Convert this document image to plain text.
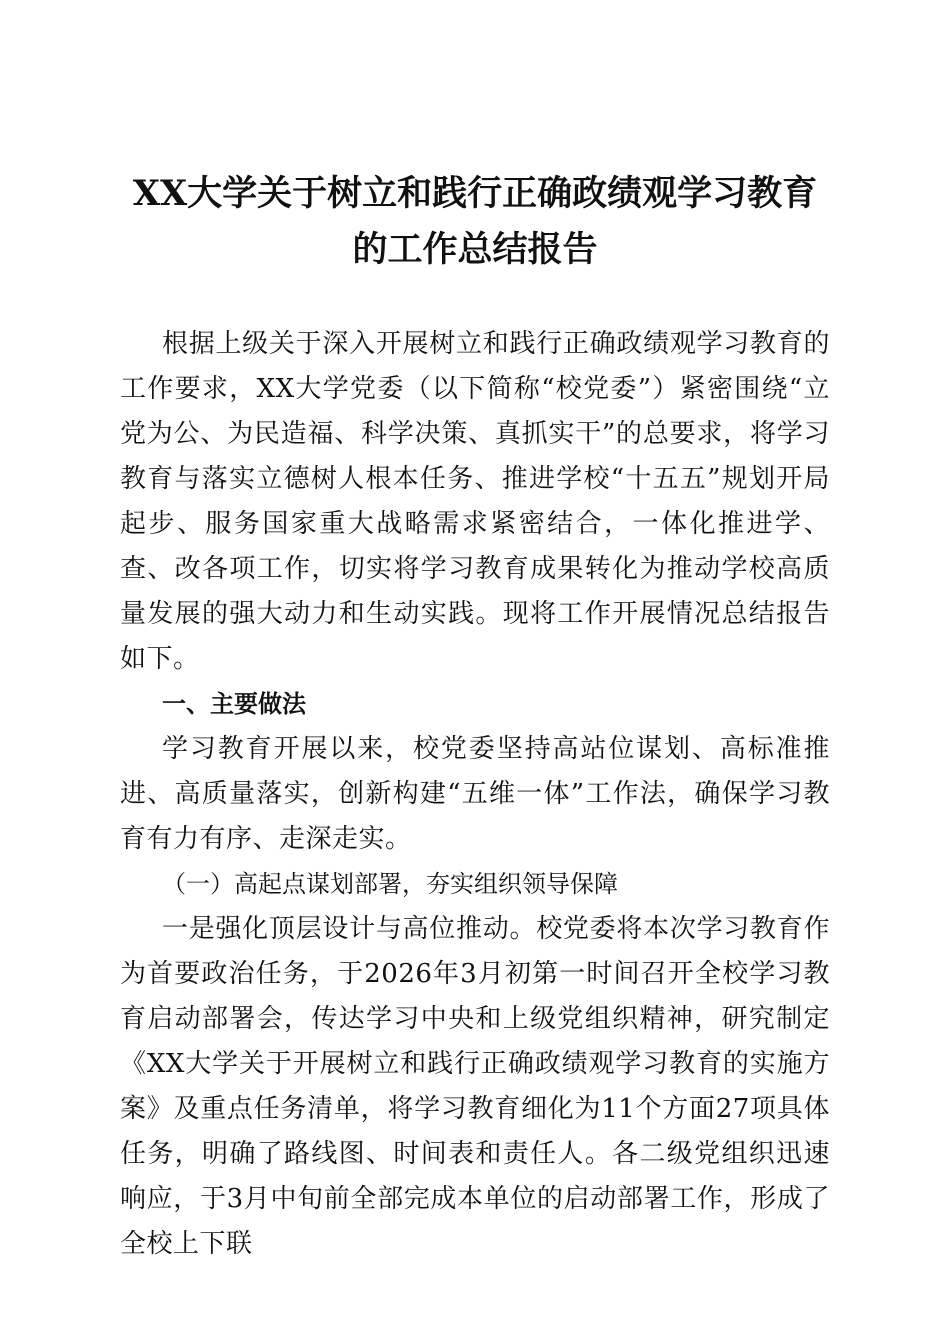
XX大学关于树立和践行正确政绩观学习教育
的工作总结报告

根据上级关于深入开展树立和践行正确政绩观学习教育的工作要求，XX大学党委（以下简称“校党委”）紧密围绕“立党为公、为民造福、科学决策、真抓实干”的总要求，将学习教育与落实立德树人根本任务、推进学校“十五五”规划开局起步、服务国家重大战略需求紧密结合，一体化推进学、查、改各项工作，切实将学习教育成果转化为推动学校高质量发展的强大动力和生动实践。现将工作开展情况总结报告如下。

一、主要做法

学习教育开展以来，校党委坚持高站位谋划、高标准推进、高质量落实，创新构建“五维一体”工作法，确保学习教育有力有序、走深走实。

（一）高起点谋划部署，夯实组织领导保障

一是强化顶层设计与高位推动。校党委将本次学习教育作为首要政治任务，于2026年3月初第一时间召开全校学习教育启动部署会，传达学习中央和上级党组织精神，研究制定《XX大学关于开展树立和践行正确政绩观学习教育的实施方案》及重点任务清单，将学习教育细化为11个方面27项具体任务，明确了路线图、时间表和责任人。各二级党组织迅速响应，于3月中旬前全部完成本单位的启动部署工作，形成了全校上下联
